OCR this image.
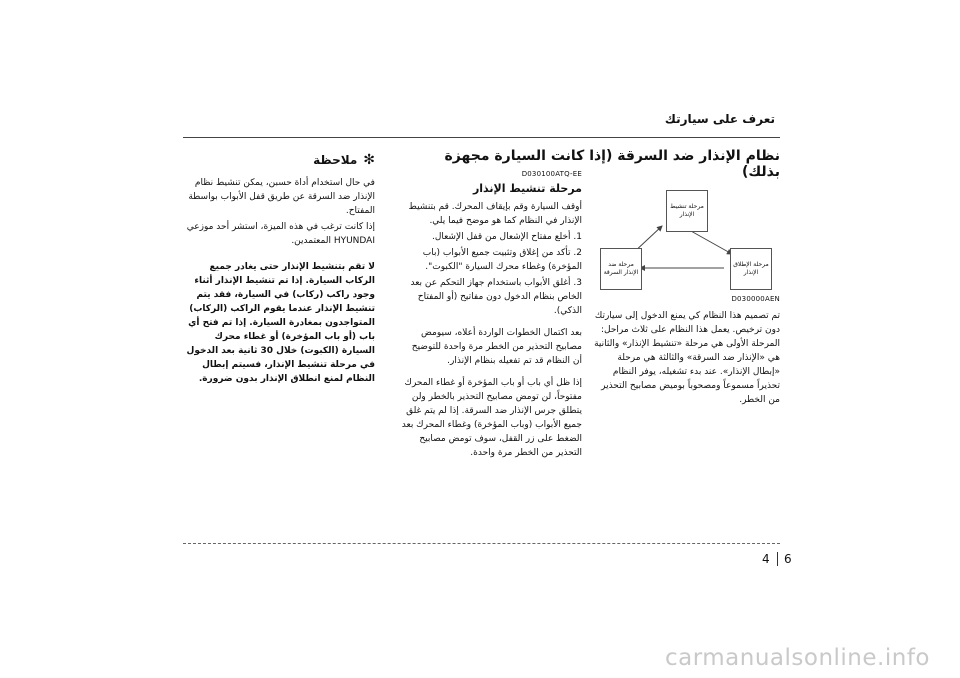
تعرف على سيارتك
نظام الإنذار ضد السرقة (إذا كانت السيارة مجهزة بذلك)
مرحلة تنشيط الإنذار
مرحلة الإطلاق الإنذار
مرحلة ضد الإنذار السرقة
D030000AEN

تم تصميم هذا النظام كي يمنع الدخول إلى سيارتك دون ترخيص. يعمل هذا النظام على ثلاث مراحل: المرحلة الأولى هي مرحلة «تنشيط الإنذار» والثانية هي «الإنذار ضد السرقة» والثالثة هي مرحلة «إبطال الإنذار». عند بدء تشغيله، يوفر النظام تحذيراً مسموعاً ومصحوباً بوميض مصابيح التحذير من الخطر.

D030100ATQ-EE
مرحلة تنشيط الإنذار

أوقف السيارة وقم بإيقاف المحرك. قم بتنشيط الإنذار في النظام كما هو موضح فيما يلي.

1. أخلع مفتاح الإشعال من قفل الإشعال.

2. تأكد من إغلاق وتثبيت جميع الأبواب (باب المؤخرة) وغطاء محرك السيارة "الكبوت".

3. أغلق الأبواب باستخدام جهاز التحكم عن بعد الخاص بنظام الدخول دون مفاتيح (أو المفتاح الذكي).

بعد اكتمال الخطوات الواردة أعلاه، سيومض مصابيح التحذير من الخطر مرة واحدة للتوضيح أن النظام قد تم تفعيله بنظام الإنذار.

إذا ظل أي باب أو باب المؤخرة أو غطاء المحرك مفتوحاً، لن تومض مصابيح التحذير بالخطر ولن يتطلق جرس الإنذار ضد السرقة. إذا لم يتم غلق جميع الأبواب (وباب المؤخرة) وغطاء المحرك بعد الضغط على زر القفل، سوف تومض مصابيح التحذير من الخطر مرة واحدة.

✻ملاحظة

في حال استخدام أداة حسبن، يمكن تنشيط نظام الإنذار ضد السرقة عن طريق قفل الأبواب بواسطة المفتاح.

إذا كانت ترغب في هذه الميزة، استشر أحد موزعي HYUNDAI المعتمدين.

لا تقم بتنشيط الإنذار حتى يغادر جميع الركاب السيارة. إذا تم تنشيط الإنذار أثناء وجود راكب (ركاب) في السيارة، فقد يتم تنشيط الإنذار عندما يقوم الراكب (الركاب) المتواجدون بمغادرة السيارة. إذا تم فتح أي باب (أو باب المؤخرة) أو غطاء محرك السيارة (الكبوت) خلال 30 ثانية بعد الدخول في مرحلة تنشيط الإنذار، فسيتم إبطال النظام لمنع انطلاق الإنذار بدون ضرورة.

4	6
carmanualsonline.info
